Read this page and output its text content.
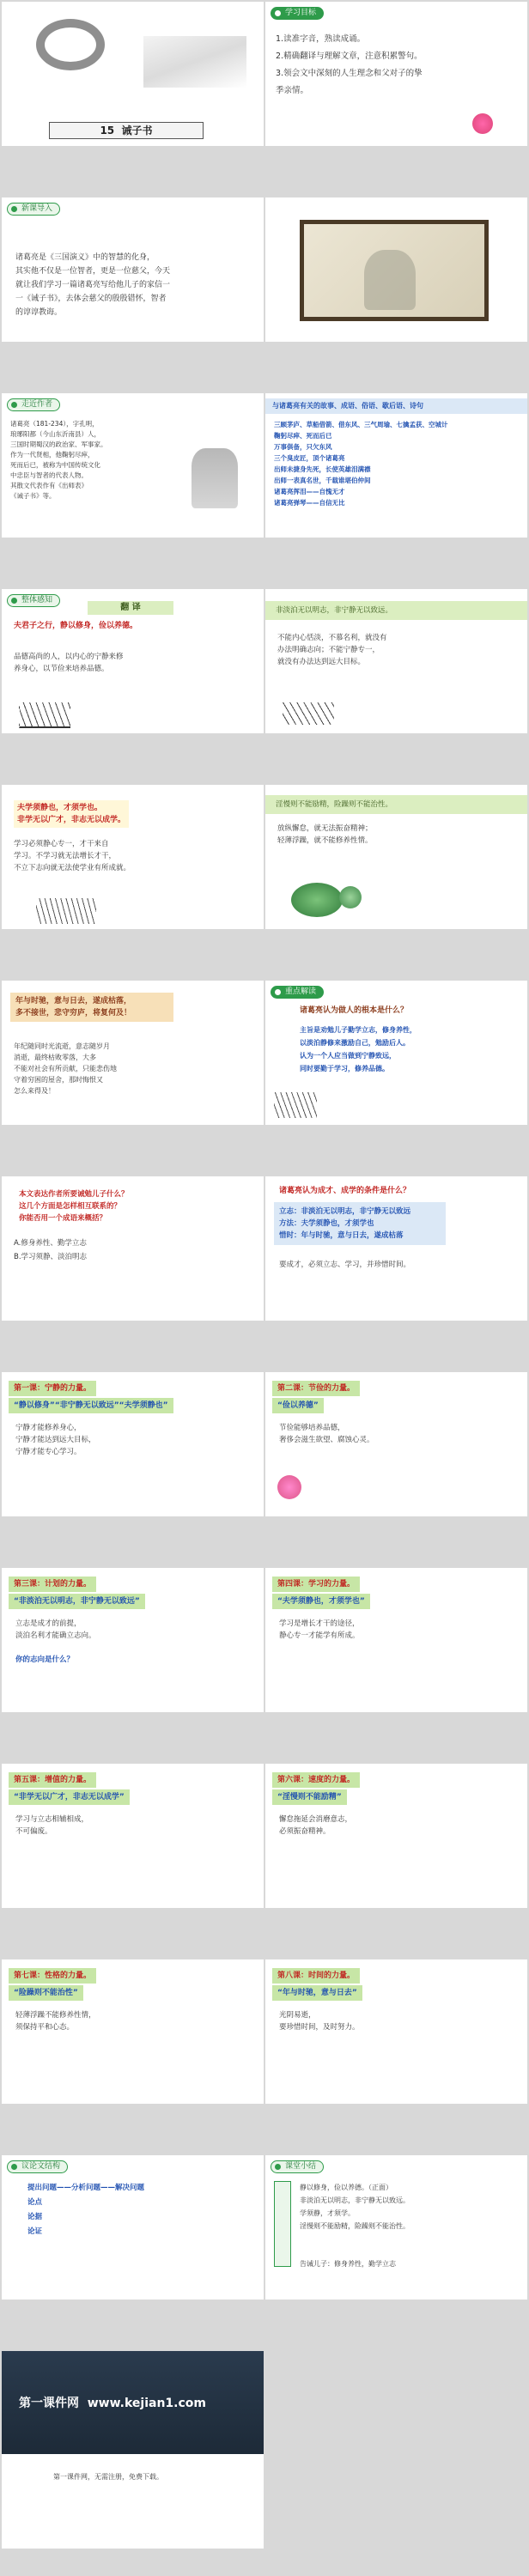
15 诫子书
学习目标
1.读准字音，熟读成诵。
2.精确翻译与理解文章，注意积累警句。
3.领会文中深刻的人生理念和父对子的挚
季亲情。
新课导入
诸葛亮是《三国演义》中的智慧的化身，
其实他不仅是一位智者，更是一位慈父，今天
就让我们学习一篇诸葛亮写给他儿子的家信一
一《诫子书》，去体会慈父的殷殷错怀，智者
的谆谆教诲。
走近作者
诸葛亮（181-234），字孔明，
琅琊阳都（今山东沂南县）人，
三国时期蜀汉的政治家、军事家。
作为一代贤相，他鞠躬尽瘁，
死而后已，被称为中国传统文化
中忠臣与智者的代表人物。
其散文代表作有《出师表》
《诫子书》等。
与诸葛亮有关的故事、成语、俗语、歇后语、诗句
三顾茅庐、草船借箭、借东风、三气周瑜、七擒孟获、空城计
鞠躬尽瘁、死而后已
万事俱备，只欠东风
三个臭皮匠，顶个诸葛亮
出师未捷身先死，长使英雄泪满襟
出师一表真名世，千载谁堪伯仲间
诸葛亮挥泪——自愧无才
诸葛亮弹琴——自信无比
整体感知
翻 译
夫君子之行，静以修身，俭以养德。
品德高尚的人，以内心的宁静来修
养身心，以节俭来培养品德。
非淡泊无以明志，非宁静无以致远。
不能内心恬淡，不慕名利，就没有
办法明确志向；不能宁静专一，
就没有办法达到远大目标。
夫学须静也，才须学也。
非学无以广才，非志无以成学。
学习必须静心专一，才干来自
学习。不学习就无法增长才干，
不立下志向就无法使学业有所成就。
淫慢则不能励精，险躁则不能治性。
放纵懈怠，就无法振奋精神；
轻薄浮躁，就不能修养性情。
年与时驰，意与日去，遂成枯落，
多不接世，悲守穷庐，将复何及！
年纪随同时光流逝，意志随岁月
消逝，最终枯败零落，大多
不能对社会有所贡献，只能悲伤地
守着穷困的屋舍，那时悔恨又
怎么来得及！
重点解读
诸葛亮认为做人的根本是什么？
主旨是劝勉儿子勤学立志，修身养性，
以淡泊静修来激励自己，勉励后人。
认为一个人应当做到宁静致远，
同时要勤于学习，修养品德。
本文表达作者所要诫勉儿子什么？
这几个方面是怎样相互联系的？
你能否用一个成语来概括？
A.修身养性、勤学立志
B.学习须静、淡泊明志
诸葛亮认为成才、成学的条件是什么？
立志：非淡泊无以明志，非宁静无以致远
方法：夫学须静也，才须学也
惜时：年与时驰，意与日去，遂成枯落
要成才，必须立志、学习，并珍惜时间。
第一课：宁静的力量。
“静以修身”“非宁静无以致远”“夫学须静也”
宁静才能修养身心，
宁静才能达到远大目标，
宁静才能专心学习。
第二课：节俭的力量。
“俭以养德”
节俭能够培养品德，
奢侈会滋生欲望、腐蚀心灵。
第三课：计划的力量。
“非淡泊无以明志，非宁静无以致远”
立志是成才的前提，
淡泊名利才能确立志向。
你的志向是什么？
第四课：学习的力量。
“夫学须静也，才须学也”
学习是增长才干的途径，
静心专一才能学有所成。
第五课：增值的力量。
“非学无以广才，非志无以成学”
学习与立志相辅相成，
不可偏废。
第六课：速度的力量。
“淫慢则不能励精”
懈怠拖延会消磨意志，
必须振奋精神。
第七课：性格的力量。
“险躁则不能治性”
轻薄浮躁不能修养性情，
须保持平和心态。
第八课：时间的力量。
“年与时驰，意与日去”
光阴易逝，
要珍惜时间，及时努力。
议论文结构
提出问题——分析问题——解决问题
论点
论据
论证
课堂小结
静以修身，俭以养德。（正面）
非淡泊无以明志，非宁静无以致远。
学须静，才须学。
淫慢则不能励精，险躁则不能治性。
告诫儿子：修身养性，勤学立志
第一课件网 www.kejian1.com
第一课件网，无需注册，免费下载。
